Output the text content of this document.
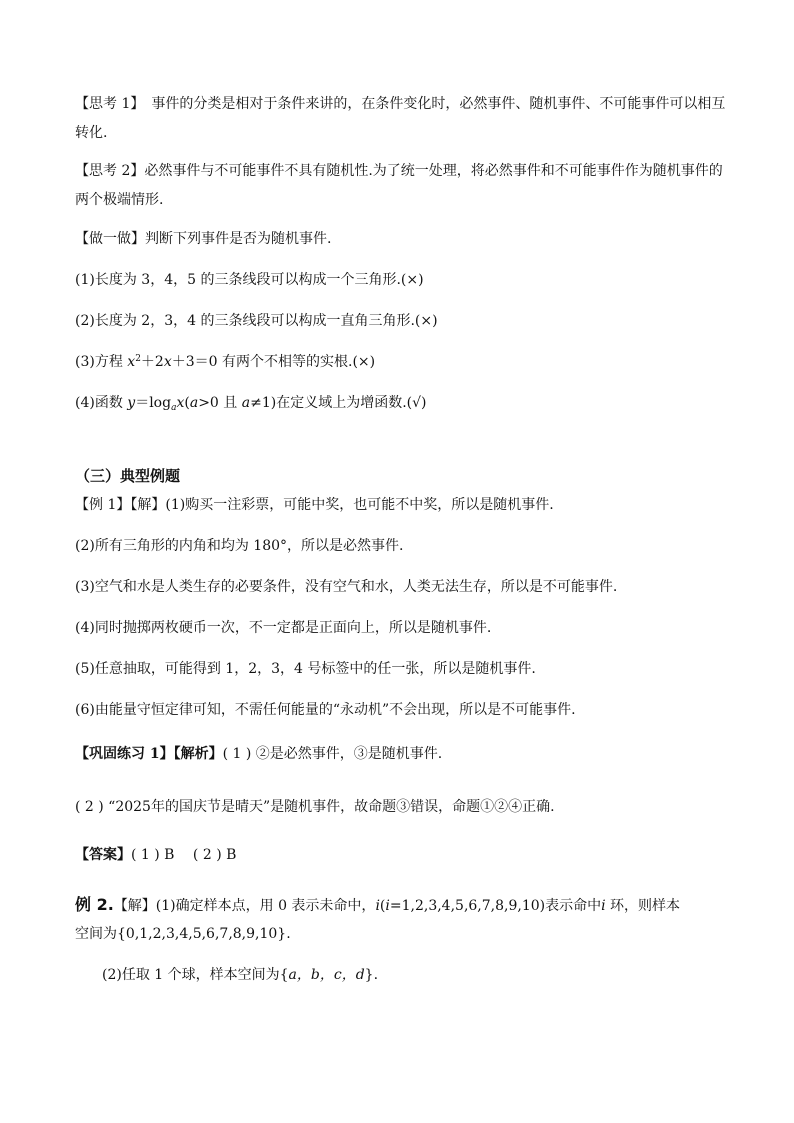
【思考 1】　事件的分类是相对于条件来讲的，在条件变化时，必然事件、随机事件、不可能事件可以相互
转化.
【思考 2】必然事件与不可能事件不具有随机性.为了统一处理，将必然事件和不可能事件作为随机事件的
两个极端情形.
【做一做】判断下列事件是否为随机事件.
(1)长度为 3，4，5 的三条线段可以构成一个三角形.(×)
(2)长度为 2，3，4 的三条线段可以构成一直角三角形.(×)
(3)方程 $x^2+2x+3=0$ 有两个不相等的实根.(×)
(4)函数 $y=\log_ax(a>0$ 且 a≠1)在定义域上为增函数.(√)
（三）典型例题
【例 1】【解】(1)购买一注彩票，可能中奖，也可能不中奖，所以是随机事件.
(2)所有三角形的内角和均为 180°，所以是必然事件.
(3)空气和水是人类生存的必要条件，没有空气和水，人类无法生存，所以是不可能事件.
(4)同时抛掷两枚硬币一次，不一定都是正面向上，所以是随机事件.
(5)任意抽取，可能得到 1，2，3，4 号标签中的任一张，所以是随机事件.
(6)由能量守恒定律可知，不需任何能量的“永动机”不会出现，所以是不可能事件.
【巩固练习 1】【解析】( 1 ) ②是必然事件，③是随机事件.
( 2 ) “2025年的国庆节是晴天”是随机事件，故命题③错误，命题①②④正确.
【答案】( 1 ) B　 ( 2 ) B
例 2.【解】(1)确定样本点，用 0 表示未命中，i(i=1,2,3,4,5,6,7,8,9,10)表示命中i 环，则样本
空间为{0,1,2,3,4,5,6,7,8,9,10}.
(2)任取 1 个球，样本空间为{a，b，c，d}.
